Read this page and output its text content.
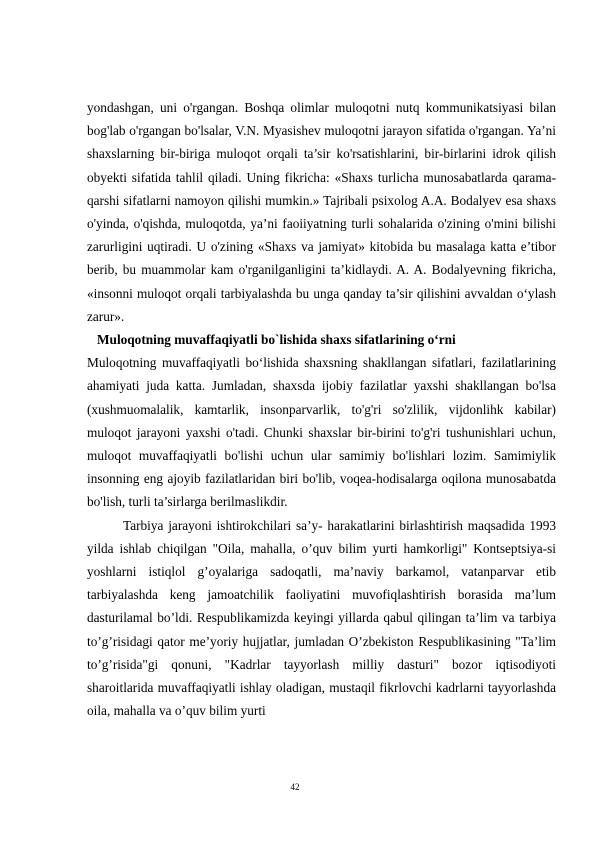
yondashgan, uni o'rgangan. Boshqa olimlar muloqotni nutq kommunikatsiyasi bilan bog'lab o'rgangan bo'lsalar, V.N. Myasishev muloqotni jarayon sifatida o'rgangan. Ya’ni shaxslarning bir-biriga muloqot orqali ta’sir ko'rsatishlarini, bir-birlarini idrok qilish obyekti sifatida tahlil qiladi. Uning fikricha: «Shaxs turlicha munosabatlarda qarama-qarshi sifatlarni namoyon qilishi mumkin.» Tajribali psixolog A.A. Bodalyev esa shaxs o'yinda, o'qishda, muloqotda, ya’ni faoiiyatning turli sohalarida o'zining o'mini bilishi zarurligini uqtiradi. U o'zining «Shaxs va jamiyat» kitobida bu masalaga katta e’tibor berib, bu muammolar kam o'rganilganligini ta’kidlaydi. A. A. Bodalyevning fikricha, «insonni muloqot orqali tarbiyalashda bu unga qanday ta’sir qilishini avvaldan o‘ylash zarur».

Muloqotning muvaffaqiyatli bo`lishida shaxs sifatlarining o‘rni

Muloqotning muvaffaqiyatli bo‘lishida shaxsning shakllangan sifatlari, fazilatlarining ahamiyati juda katta. Jumladan, shaxsda ijobiy fazilatlar yaxshi shakllangan bo'lsa (xushmuomalalik, kamtarlik, insonparvarlik, to'g'ri so'zlilik, vijdonlihk kabilar) muloqot jarayoni yaxshi o'tadi. Chunki shaxslar bir-birini to'g'ri tushunishlari uchun, muloqot muvaffaqiyatli bo'lishi uchun ular samimiy bo'lishlari lozim. Samimiylik insonning eng ajoyib fazilatlaridan biri bo'lib, voqea-hodisalarga oqilona munosabatda bo'lish, turli ta’sirlarga berilmaslikdir.

Tarbiya jarayoni ishtirokchilari sa’y- harakatlarini birlashtirish maqsadida 1993 yilda ishlab chiqilgan "Oila, mahalla, o’quv bilim yurti hamkorligi" Kontseptsiya-si yoshlarni istiqlol g’oyalariga sadoqatli, ma’naviy barkamol, vatanparvar etib tarbiyalashda keng jamoatchilik faoliyatini muvofiqlashtirish borasida ma’lum dasturilamal bo’ldi. Respublikamizda keyingi yillarda qabul qilingan ta’lim va tarbiya to’g’risidagi qator me’yoriy hujjatlar, jumladan O’zbekiston Respublikasining "Ta’lim to’g’risida"gi qonuni, "Kadrlar tayyorlash milliy dasturi" bozor iqtisodiyoti sharoitlarida muvaffaqiyatli ishlay oladigan, mustaqil fikrlovchi kadrlarni tayyorlashda oila, mahalla va o’quv bilim yurti

42
